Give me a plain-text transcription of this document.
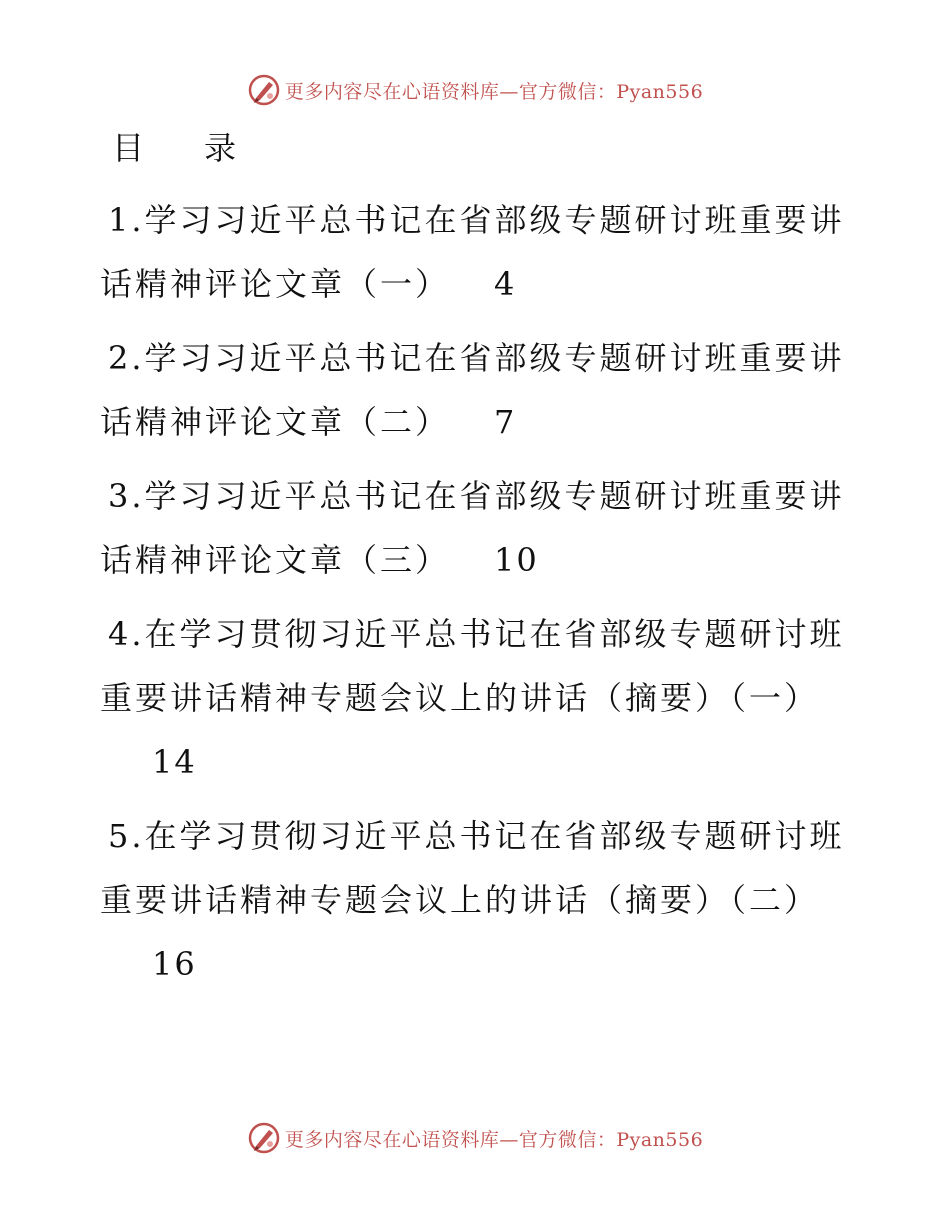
更多内容尽在心语资料库—官方微信：Pyan556
目 录
1.学习习近平总书记在省部级专题研讨班重要讲
话精神评论文章（一） 4
2.学习习近平总书记在省部级专题研讨班重要讲
话精神评论文章（二） 7
3.学习习近平总书记在省部级专题研讨班重要讲
话精神评论文章（三） 10
4.在学习贯彻习近平总书记在省部级专题研讨班
重要讲话精神专题会议上的讲话（摘要）（一）
14
5.在学习贯彻习近平总书记在省部级专题研讨班
重要讲话精神专题会议上的讲话（摘要）（二）
16
更多内容尽在心语资料库—官方微信：Pyan556
